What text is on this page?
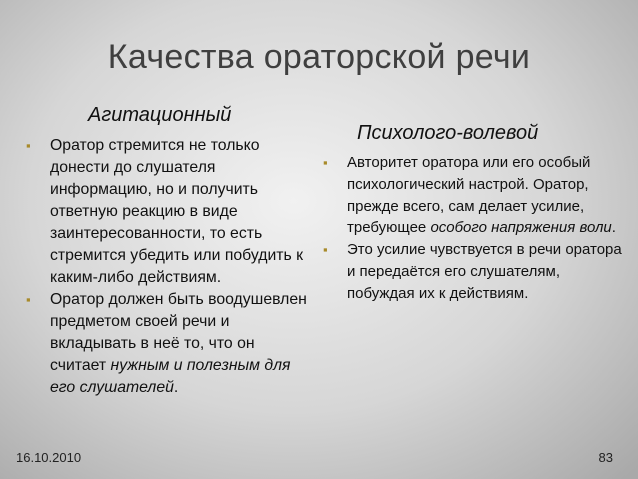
Качества ораторской речи
Агитационный
▪	Оратор стремится не только донести до слушателя информацию, но и получить ответную реакцию в виде заинтересованности, то есть стремится убедить или побудить к каким-либо действиям.
▪	Оратор должен быть воодушевлен предметом своей речи и вкладывать в неё то, что он считает нужным и полезным для его слушателей.
Психолого-волевой
▪	Авторитет оратора или его особый психологический настрой. Оратор, прежде всего, сам делает усилие, требующее особого напряжения воли.
▪	Это усилие чувствуется в речи оратора и передаётся его слушателям, побуждая их к действиям.
16.10.2010	83
